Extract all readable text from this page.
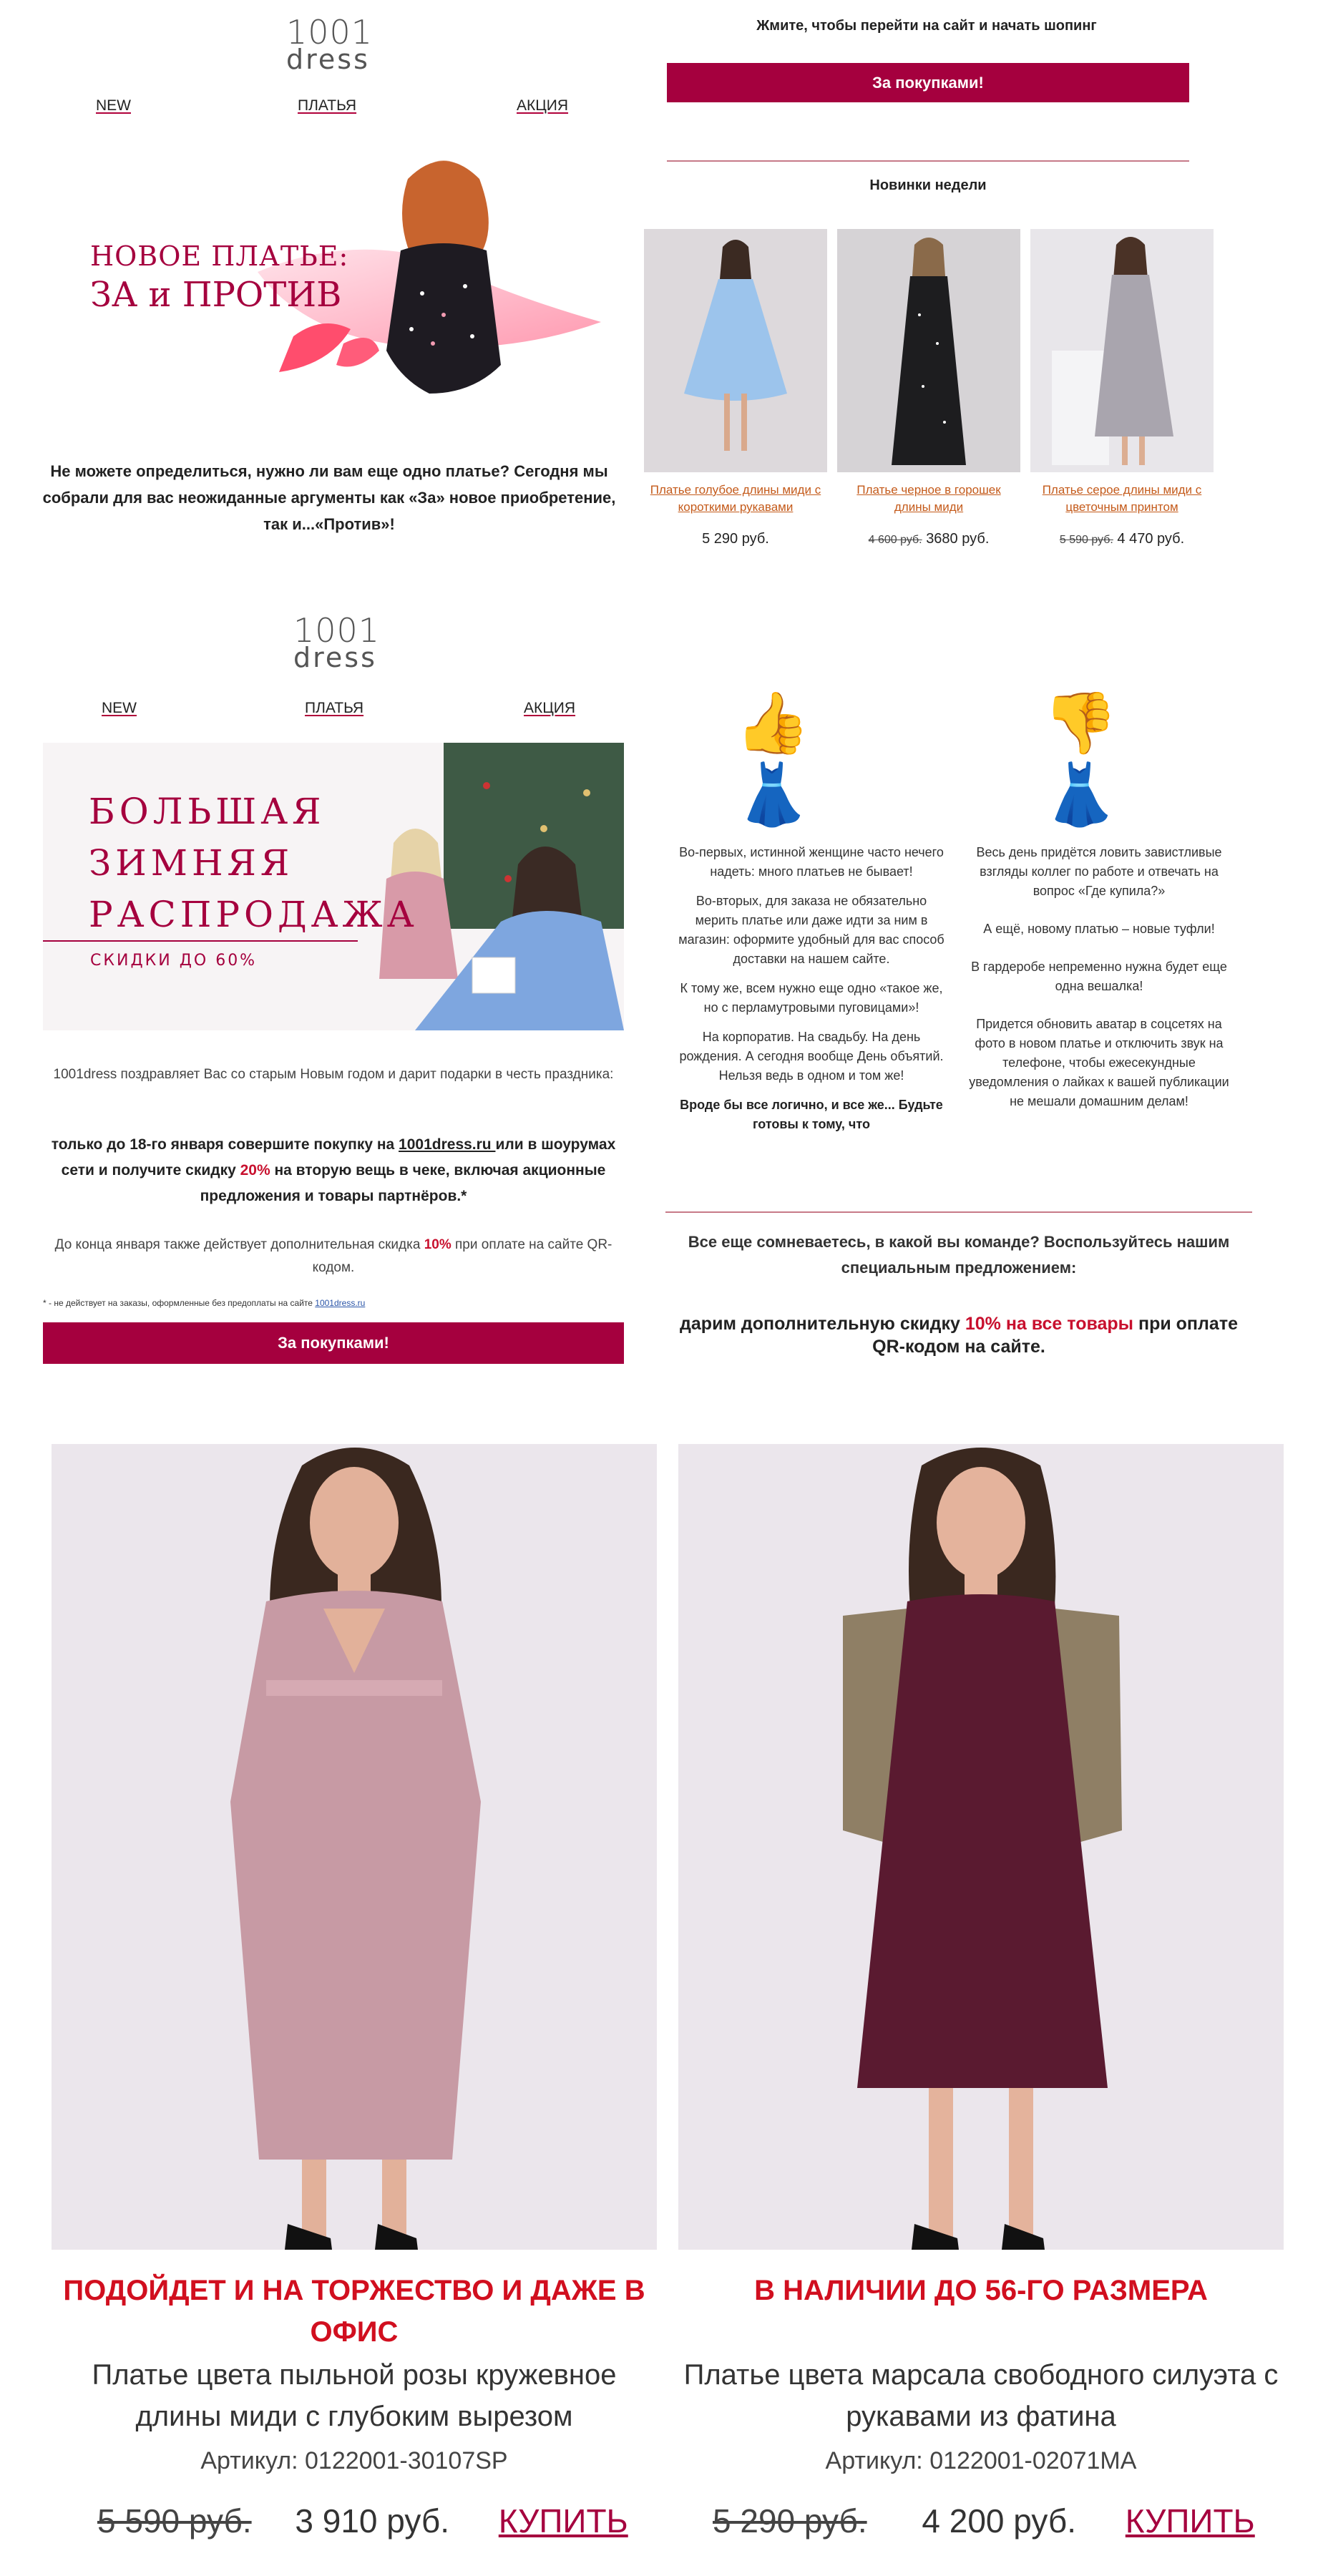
1001
dress
NEW	ПЛАТЬЯ	АКЦИЯ
НОВОЕ ПЛАТЬЕ:
ЗА и ПРОТИВ
Не можете определиться, нужно ли вам еще одно платье? Сегодня мы собрали для вас неожиданные аргументы как «За» новое приобретение, так и...«Против»!
Жмите, чтобы перейти на сайт и начать шопинг
За покупками!
Новинки недели
Платье голубое длины миди с короткими рукавами
Платье черное в горошек длины миди
Платье серое длины миди с цветочным принтом
5 290 руб.	4 600 руб. 3680 руб.	5 590 руб. 4 470 руб.
1001
dress
NEW	ПЛАТЬЯ	АКЦИЯ
БОЛЬШАЯ
ЗИМНЯЯ
РАСПРОДАЖА
СКИДКИ ДО 60%
1001dress поздравляет Вас со старым Новым годом и дарит подарки в честь праздника:
только до 18-го января совершите покупку на 1001dress.ru или в шоурумах сети и получите скидку 20% на вторую вещь в чеке, включая акционные предложения и товары партнёров.*
До конца января также действует дополнительная скидка 10% при оплате на сайте QR-кодом.
* - не действует на заказы, оформленные без предоплаты на сайте 1001dress.ru
За покупками!
👍👗
👎👗

Во-первых, истинной женщине часто нечего надеть: много платьев не бывает!

Во-вторых, для заказа не обязательно мерить платье или даже идти за ним в магазин: оформите удобный для вас способ доставки на нашем сайте.

К тому же, всем нужно еще одно «такое же, но с перламутровыми пуговицами»!

На корпоратив. На свадьбу. На день рождения. А сегодня вообще День объятий. Нельзя ведь в одном и том же!

Вроде бы все логично, и все же... Будьте готовы к тому, что

Весь день придётся ловить завистливые взгляды коллег по работе и отвечать на вопрос «Где купила?»

А ещё, новому платью – новые туфли!

В гардеробе непременно нужна будет еще одна вешалка!

Придется обновить аватар в соцсетях на фото в новом платье и отключить звук на телефоне, чтобы ежесекундные уведомления о лайках к вашей публикации не мешали домашним делам!

Все еще сомневаетесь, в какой вы команде? Воспользуйтесь нашим специальным предложением:
дарим дополнительную скидку 10% на все товары при оплате QR-кодом на сайте.
ПОДОЙДЕТ И НА ТОРЖЕСТВО И ДАЖЕ В ОФИС
В НАЛИЧИИ ДО 56-ГО РАЗМЕРА
Платье цвета пыльной розы кружевное длины миди с глубоким вырезом
Платье цвета марсала свободного силуэта с рукавами из фатина
Артикул: 0122001-30107SP	Артикул: 0122001-02071MA
5 590 руб. 3 910 руб. КУПИТЬ	5 290 руб. 4 200 руб. КУПИТЬ
